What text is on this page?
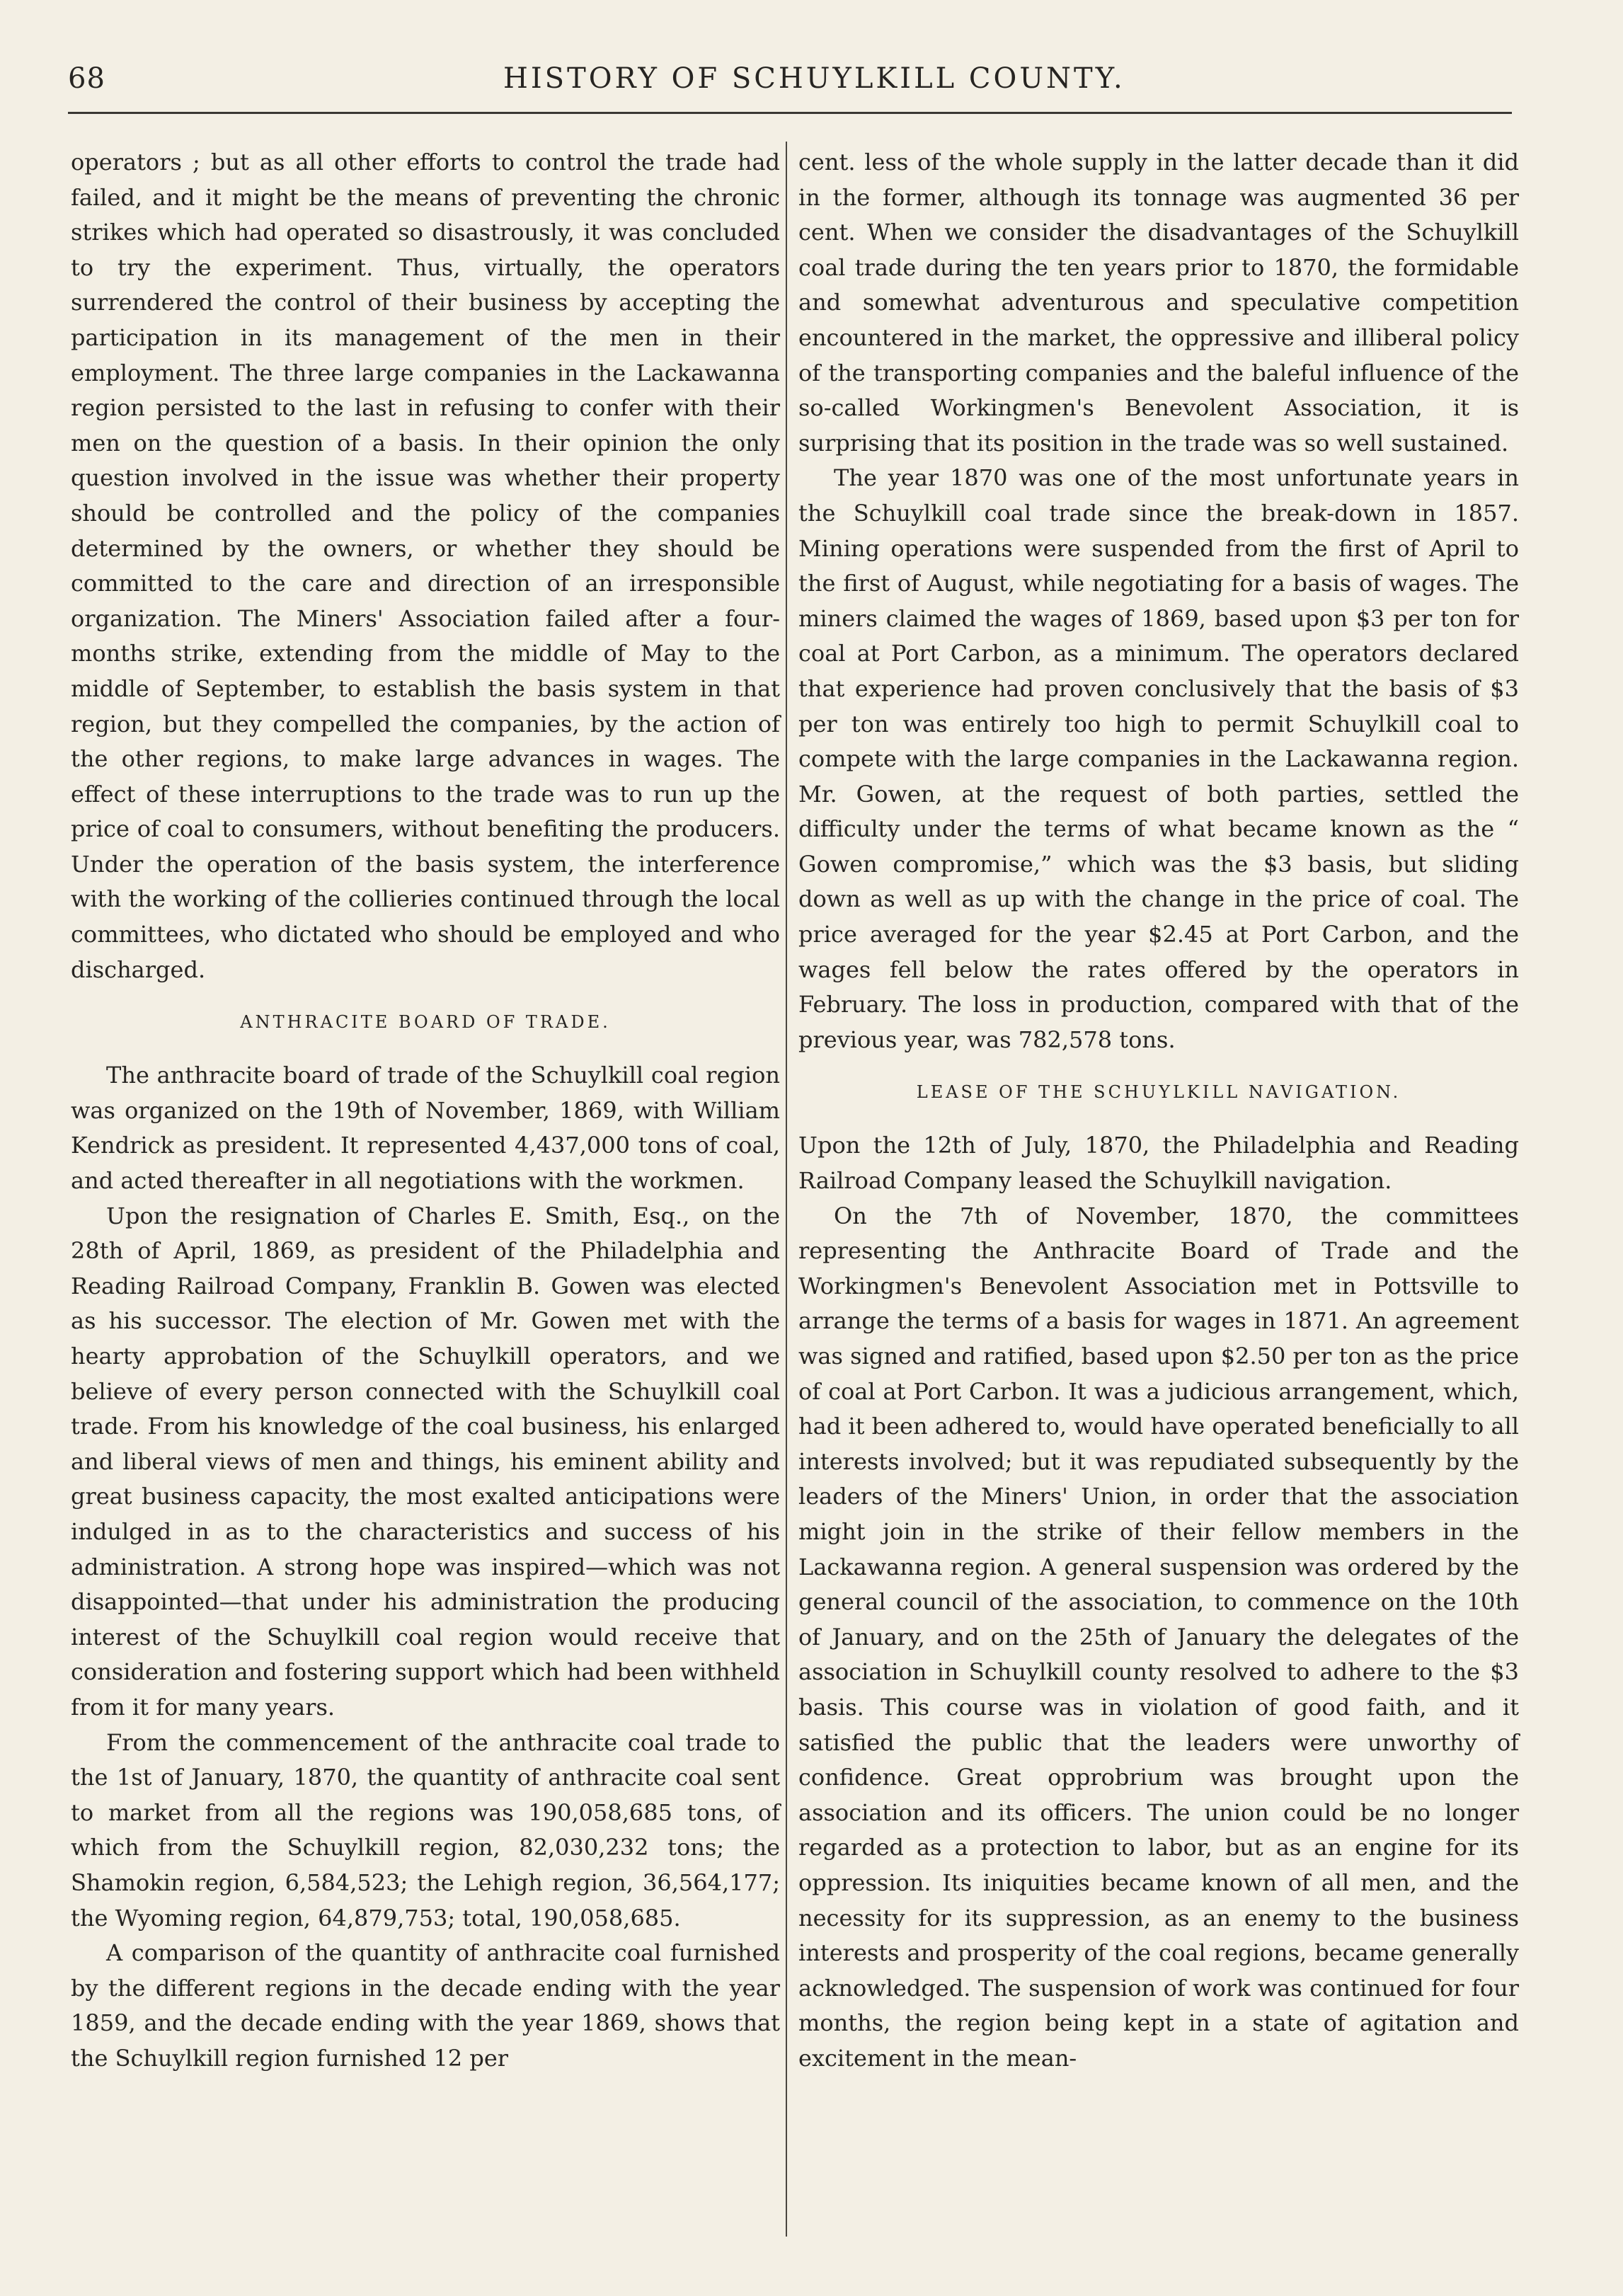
68	HISTORY OF SCHUYLKILL COUNTY.

operators ; but as all other efforts to control the trade had failed, and it might be the means of preventing the chronic strikes which had operated so disastrously, it was concluded to try the experiment. Thus, virtually, the operators surrendered the control of their business by accepting the participation in its management of the men in their employment. The three large companies in the Lackawanna region persisted to the last in refusing to confer with their men on the question of a basis. In their opinion the only question involved in the issue was whether their property should be controlled and the policy of the companies determined by the owners, or whether they should be committed to the care and direction of an irresponsible organization. The Miners' Association failed after a four-months strike, extending from the middle of May to the middle of September, to establish the basis system in that region, but they compelled the companies, by the action of the other regions, to make large advances in wages. The effect of these interruptions to the trade was to run up the price of coal to consumers, without benefiting the producers. Under the operation of the basis system, the interference with the working of the collieries continued through the local committees, who dictated who should be employed and who discharged.

ANTHRACITE BOARD OF TRADE.

The anthracite board of trade of the Schuylkill coal region was organized on the 19th of November, 1869, with William Kendrick as president. It represented 4,437,000 tons of coal, and acted thereafter in all negotiations with the workmen.

Upon the resignation of Charles E. Smith, Esq., on the 28th of April, 1869, as president of the Philadelphia and Reading Railroad Company, Franklin B. Gowen was elected as his successor. The election of Mr. Gowen met with the hearty approbation of the Schuylkill operators, and we believe of every person connected with the Schuylkill coal trade. From his knowledge of the coal business, his enlarged and liberal views of men and things, his eminent ability and great business capacity, the most exalted anticipations were indulged in as to the characteristics and success of his administration. A strong hope was inspired—which was not disappointed—that under his administration the producing interest of the Schuylkill coal region would receive that consideration and fostering support which had been withheld from it for many years.

From the commencement of the anthracite coal trade to the 1st of January, 1870, the quantity of anthracite coal sent to market from all the regions was 190,058,685 tons, of which from the Schuylkill region, 82,030,232 tons; the Shamokin region, 6,584,523; the Lehigh region, 36,564,177; the Wyoming region, 64,879,753; total, 190,058,685.

A comparison of the quantity of anthracite coal furnished by the different regions in the decade ending with the year 1859, and the decade ending with the year 1869, shows that the Schuylkill region furnished 12 per

cent. less of the whole supply in the latter decade than it did in the former, although its tonnage was augmented 36 per cent. When we consider the disadvantages of the Schuylkill coal trade during the ten years prior to 1870, the formidable and somewhat adventurous and speculative competition encountered in the market, the oppressive and illiberal policy of the transporting companies and the baleful influence of the so-called Workingmen's Benevolent Association, it is surprising that its position in the trade was so well sustained.

The year 1870 was one of the most unfortunate years in the Schuylkill coal trade since the break-down in 1857. Mining operations were suspended from the first of April to the first of August, while negotiating for a basis of wages. The miners claimed the wages of 1869, based upon $3 per ton for coal at Port Carbon, as a minimum. The operators declared that experience had proven conclusively that the basis of $3 per ton was entirely too high to permit Schuylkill coal to compete with the large companies in the Lackawanna region. Mr. Gowen, at the request of both parties, settled the difficulty under the terms of what became known as the “ Gowen compromise,” which was the $3 basis, but sliding down as well as up with the change in the price of coal. The price averaged for the year $2.45 at Port Carbon, and the wages fell below the rates offered by the operators in February. The loss in production, compared with that of the previous year, was 782,578 tons.

LEASE OF THE SCHUYLKILL NAVIGATION.

Upon the 12th of July, 1870, the Philadelphia and Reading Railroad Company leased the Schuylkill navigation.

On the 7th of November, 1870, the committees representing the Anthracite Board of Trade and the Workingmen's Benevolent Association met in Pottsville to arrange the terms of a basis for wages in 1871. An agreement was signed and ratified, based upon $2.50 per ton as the price of coal at Port Carbon. It was a judicious arrangement, which, had it been adhered to, would have operated beneficially to all interests involved; but it was repudiated subsequently by the leaders of the Miners' Union, in order that the association might join in the strike of their fellow members in the Lackawanna region. A general suspension was ordered by the general council of the association, to commence on the 10th of January, and on the 25th of January the delegates of the association in Schuylkill county resolved to adhere to the $3 basis. This course was in violation of good faith, and it satisfied the public that the leaders were unworthy of confidence. Great opprobrium was brought upon the association and its officers. The union could be no longer regarded as a protection to labor, but as an engine for its oppression. Its iniquities became known of all men, and the necessity for its suppression, as an enemy to the business interests and prosperity of the coal regions, became generally acknowledged. The suspension of work was continued for four months, the region being kept in a state of agitation and excitement in the mean-
